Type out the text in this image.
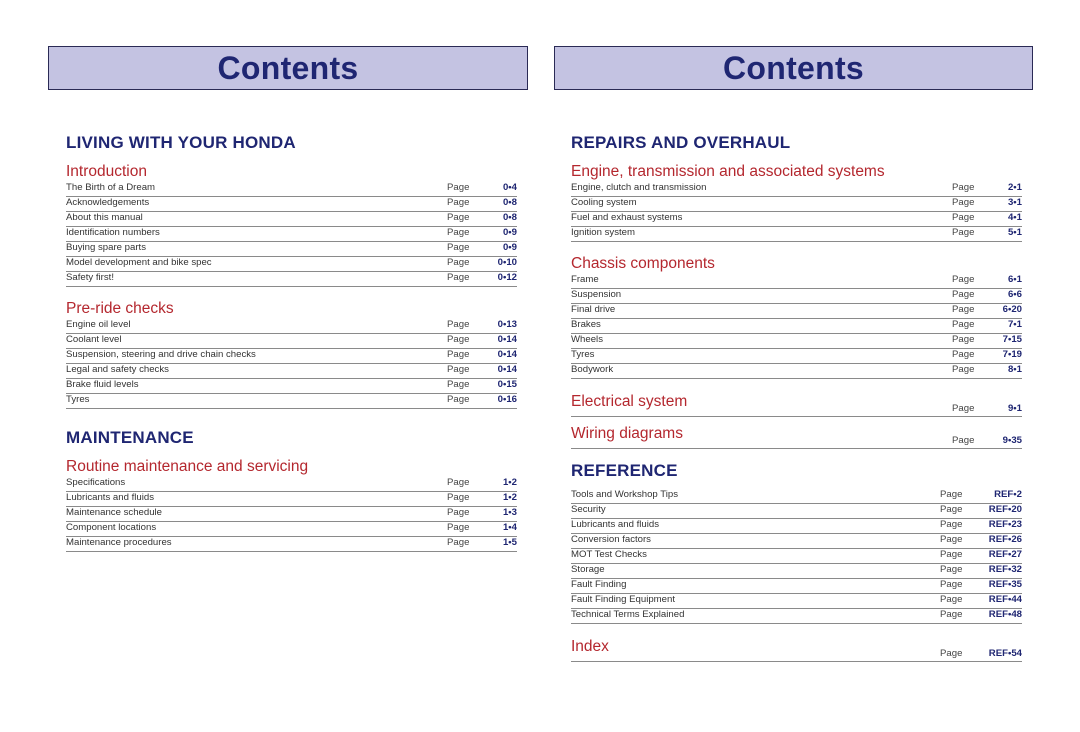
Contents	Contents
LIVING WITH YOUR HONDA
Introduction
The Birth of a Dream	Page	0•4
Acknowledgements	Page	0•8
About this manual	Page	0•8
Identification numbers	Page	0•9
Buying spare parts	Page	0•9
Model development and bike spec	Page	0•10
Safety first!	Page	0•12
Pre-ride checks
Engine oil level	Page	0•13
Coolant level	Page	0•14
Suspension, steering and drive chain checks	Page	0•14
Legal and safety checks	Page	0•14
Brake fluid levels	Page	0•15
Tyres	Page	0•16
MAINTENANCE
Routine maintenance and servicing
Specifications	Page	1•2
Lubricants and fluids	Page	1•2
Maintenance schedule	Page	1•3
Component locations	Page	1•4
Maintenance procedures	Page	1•5
REPAIRS AND OVERHAUL
Engine, transmission and associated systems
Engine, clutch and transmission	Page	2•1
Cooling system	Page	3•1
Fuel and exhaust systems	Page	4•1
Ignition system	Page	5•1
Chassis components
Frame	Page	6•1
Suspension	Page	6•6
Final drive	Page	6•20
Brakes	Page	7•1
Wheels	Page	7•15
Tyres	Page	7•19
Bodywork	Page	8•1
Electrical system	Page	9•1
Wiring diagrams	Page	9•35
REFERENCE
Tools and Workshop Tips	Page	REF•2
Security	Page	REF•20
Lubricants and fluids	Page	REF•23
Conversion factors	Page	REF•26
MOT Test Checks	Page	REF•27
Storage	Page	REF•32
Fault Finding	Page	REF•35
Fault Finding Equipment	Page	REF•44
Technical Terms Explained	Page	REF•48
Index	Page	REF•54
